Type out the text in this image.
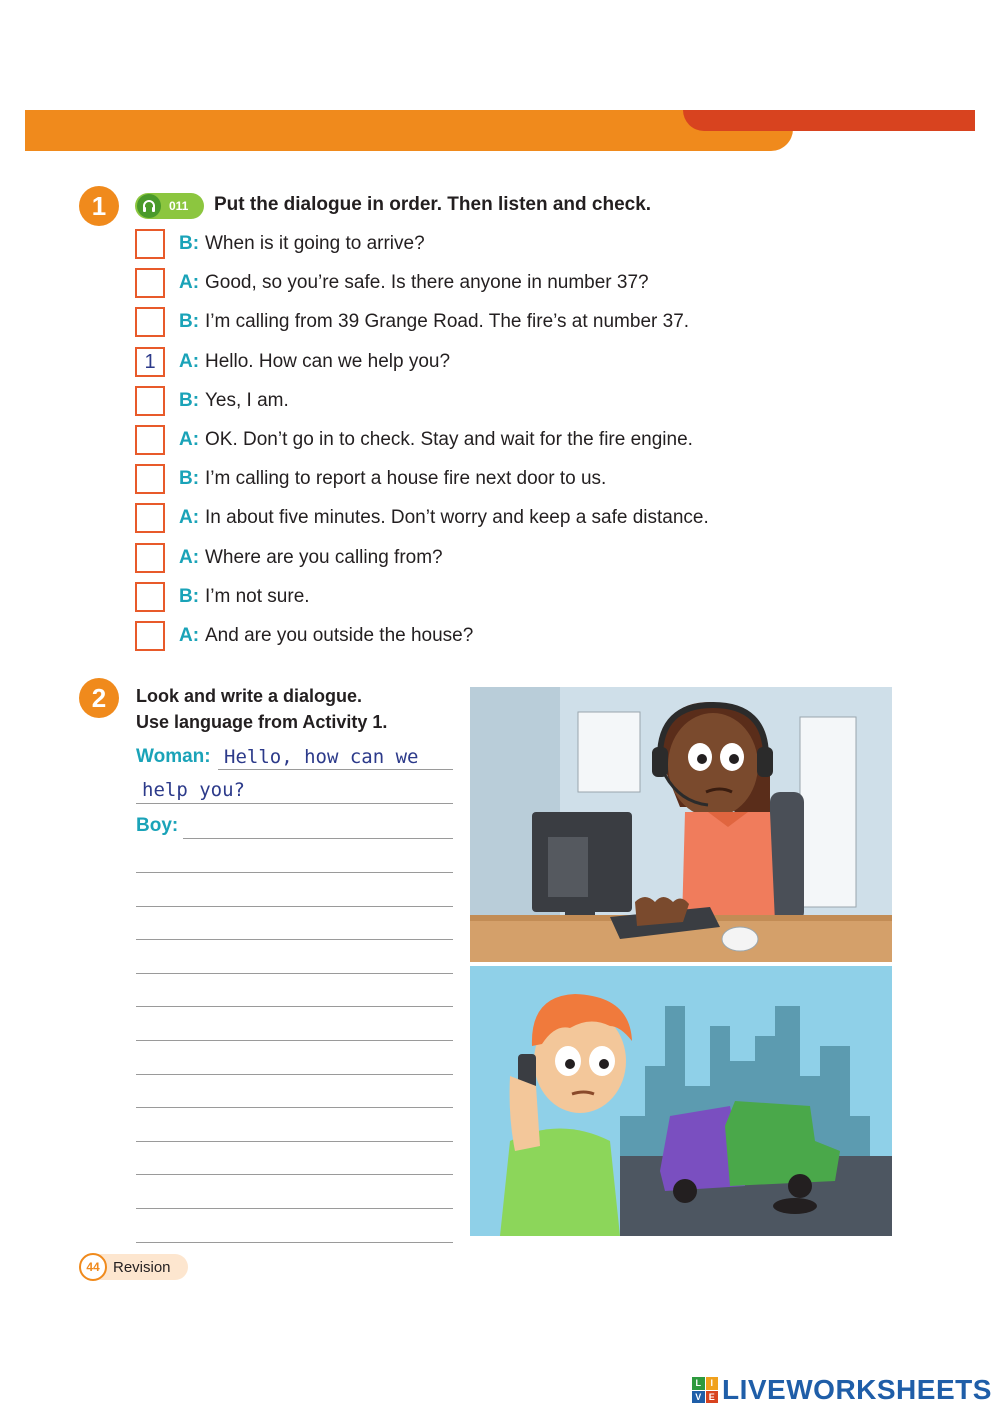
1	011 Put the dialogue in order. Then listen and check.
B: When is it going to arrive?
A: Good, so you’re safe. Is there anyone in number 37?
B: I’m calling from 39 Grange Road. The fire’s at number 37.
1	A: Hello. How can we help you?
B: Yes, I am.
A: OK. Don’t go in to check. Stay and wait for the fire engine.
B: I’m calling to report a house fire next door to us.
A: In about five minutes. Don’t worry and keep a safe distance.
A: Where are you calling from?
B: I’m not sure.
A: And are you outside the house?
2	Look and write a dialogue.
Use language from Activity 1.
Woman: Hello, how can we
help you?
Boy:
44 Revision
L	I
V E LIVEWORKSHEETS
